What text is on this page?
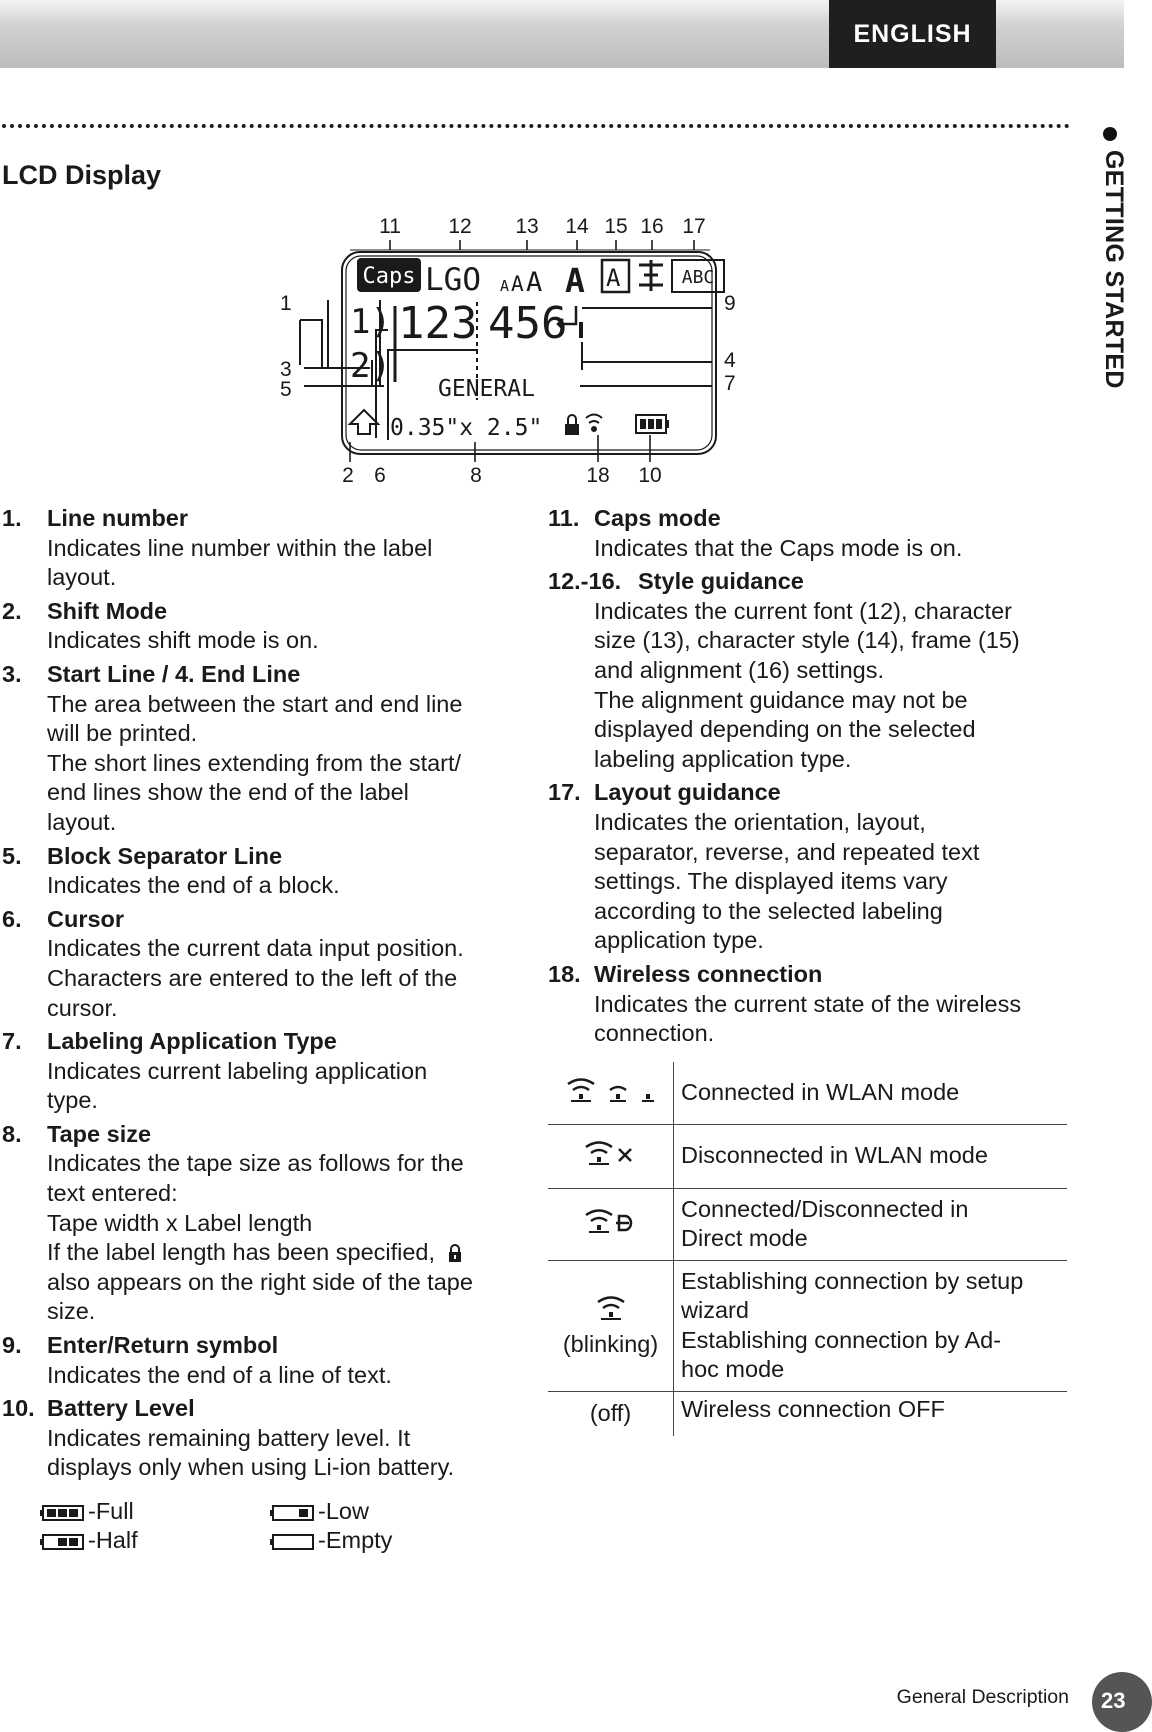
ENGLISH
GETTING STARTED
LCD Display
11 12 13 14 15 16 17
Caps LGO A A A A A	ABC
1)
2)
123 456
GENERAL
1
3
5
9
4
7
0.35"x 2.5"
2 6	8	18 10
1. Line number
Indicates line number within the label
layout.
2. Shift Mode
Indicates shift mode is on.
3. Start Line / 4. End Line
The area between the start and end line
will be printed.
The short lines extending from the start/
end lines show the end of the label
layout.
5. Block Separator Line
Indicates the end of a block.
6. Cursor
Indicates the current data input position.
Characters are entered to the left of the
cursor.
7. Labeling Application Type
Indicates current labeling application
type.
8. Tape size
Indicates the tape size as follows for the
text entered:
Tape width x Label length
If the label length has been specified,
also appears on the right side of the tape
size.
9. Enter/Return symbol
Indicates the end of a line of text.
10. Battery Level
Indicates remaining battery level. It
displays only when using Li-ion battery.
-Full
-Half
-Low
-Empty
11. Caps mode
Indicates that the Caps mode is on.
12.-16. Style guidance
Indicates the current font (12), character
size (13), character style (14), frame (15)
and alignment (16) settings.
The alignment guidance may not be
displayed depending on the selected
labeling application type.
17. Layout guidance
Indicates the orientation, layout,
separator, reverse, and repeated text
settings. The displayed items vary
according to the selected labeling
application type.
18. Wireless connection
Indicates the current state of the wireless
connection.
	Connected in WLAN mode
	Disconnected in WLAN mode

Connected/Disconnected in
Direct mode

(blinking)	Establishing connection by setup
wizard
Establishing connection by Ad-
hoc mode

(off)	Wireless connection OFF
General Description 23
